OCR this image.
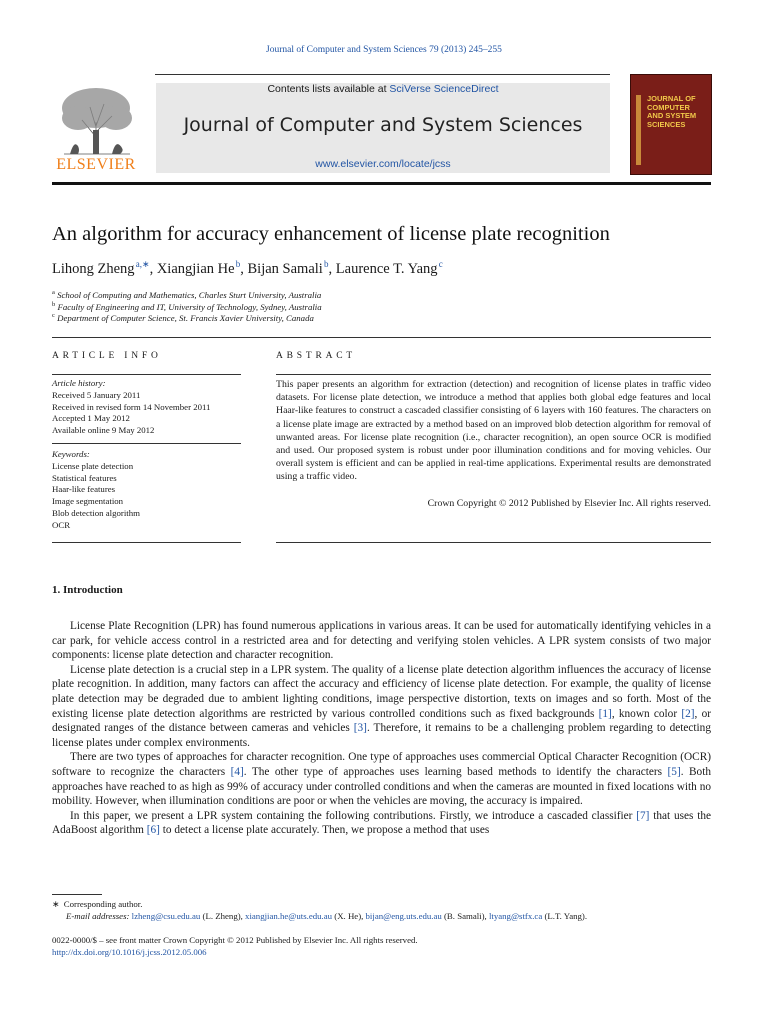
Journal of Computer and System Sciences 79 (2013) 245–255
ELSEVIER
Contents lists available at SciVerse ScienceDirect
Journal of Computer and System Sciences
www.elsevier.com/locate/jcss
JOURNAL OF
COMPUTER
AND SYSTEM
SCIENCES
An algorithm for accuracy enhancement of license plate recognition
Lihong Zheng $^{a,∗}$, Xiangjian He $^b$, Bijan Samali $^b$, Laurence T. Yang $^c$
$^a$ School of Computing and Mathematics, Charles Sturt University, Australia
$^b$ Faculty of Engineering and IT, University of Technology, Sydney, Australia
$^c$ Department of Computer Science, St. Francis Xavier University, Canada
ARTICLE INFO
Article history:
Received 5 January 2011
Received in revised form 14 November 2011
Accepted 1 May 2012
Available online 9 May 2012
Keywords:
License plate detection
Statistical features
Haar-like features
Image segmentation
Blob detection algorithm
OCR
ABSTRACT
This paper presents an algorithm for extraction (detection) and recognition of license plates in traffic video datasets. For license plate detection, we introduce a method that applies both global edge features and local Haar-like features to construct a cascaded classifier consisting of 6 layers with 160 features. The characters on a license plate image are extracted by a method based on an improved blob detection algorithm for removal of unwanted areas. For license plate recognition (i.e., character recognition), an open source OCR is modified and used. Our proposed system is robust under poor illumination conditions and for moving vehicles. Our overall system is efficient and can be applied in real-time applications. Experimental results are demonstrated using a traffic video.
Crown Copyright © 2012 Published by Elsevier Inc. All rights reserved.
1. Introduction

License Plate Recognition (LPR) has found numerous applications in various areas. It can be used for automatically identifying vehicles in a car park, for vehicle access control in a restricted area and for detecting and verifying stolen vehicles. A LPR system consists of two major components: license plate detection and character recognition.

License plate detection is a crucial step in a LPR system. The quality of a license plate detection algorithm influences the accuracy of license plate recognition. In addition, many factors can affect the accuracy and efficiency of license plate detection. For example, the quality of license plate detection may be degraded due to ambient lighting conditions, image perspective distortion, texts on images and so forth. Most of the existing license plate detection algorithms are restricted by various controlled conditions such as fixed backgrounds [1], known color [2], or designated ranges of the distance between cameras and vehicles [3]. Therefore, it remains to be a challenging problem regarding to detecting license plates under complex environments.

There are two types of approaches for character recognition. One type of approaches uses commercial Optical Character Recognition (OCR) software to recognize the characters [4]. The other type of approaches uses learning based methods to identify the characters [5]. Both approaches have reached to as high as 99% of accuracy under controlled conditions and when the cameras are mounted in fixed locations with no mobility. However, when illumination conditions are poor or when the vehicles are moving, the accuracy is impaired.

In this paper, we present a LPR system containing the following contributions. Firstly, we introduce a cascaded classifier [7] that uses the AdaBoost algorithm [6] to detect a license plate accurately. Then, we propose a method that uses

∗ Corresponding author.
E-mail addresses: lzheng@csu.edu.au (L. Zheng), xiangjian.he@uts.edu.au (X. He), bijan@eng.uts.edu.au (B. Samali), ltyang@stfx.ca (L.T. Yang).
0022-0000/$ – see front matter Crown Copyright © 2012 Published by Elsevier Inc. All rights reserved.
http://dx.doi.org/10.1016/j.jcss.2012.05.006
